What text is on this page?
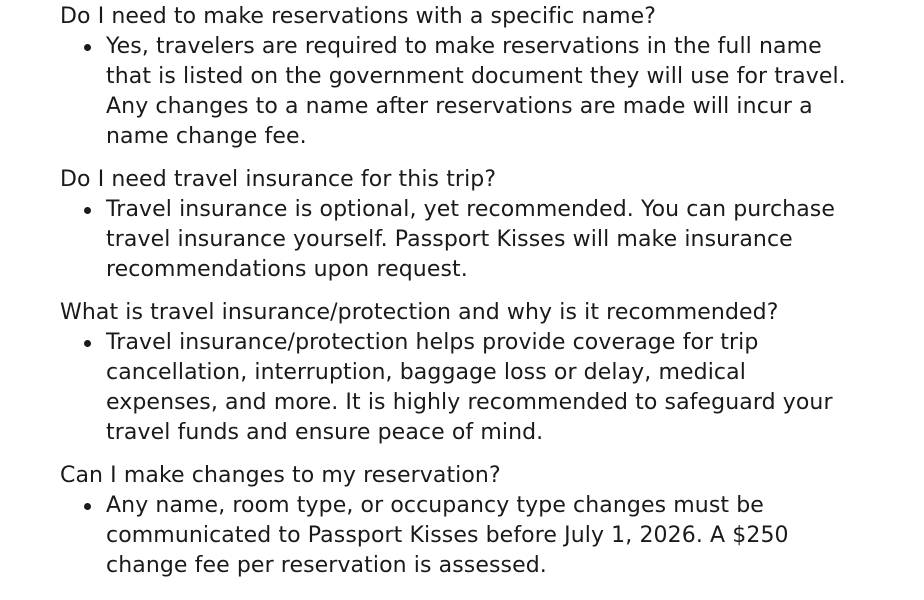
Do I need to make reservations with a specific name?

Yes, travelers are required to make reservations in the full name
that is listed on the government document they will use for travel.
Any changes to a name after reservations are made will incur a
name change fee.

Do I need travel insurance for this trip?

Travel insurance is optional, yet recommended. You can purchase
travel insurance yourself. Passport Kisses will make insurance
recommendations upon request.

What is travel insurance/protection and why is it recommended?

Travel insurance/protection helps provide coverage for trip
cancellation, interruption, baggage loss or delay, medical
expenses, and more. It is highly recommended to safeguard your
travel funds and ensure peace of mind.

Can I make changes to my reservation?

Any name, room type, or occupancy type changes must be
communicated to Passport Kisses before July 1, 2026. A $250
change fee per reservation is assessed.
